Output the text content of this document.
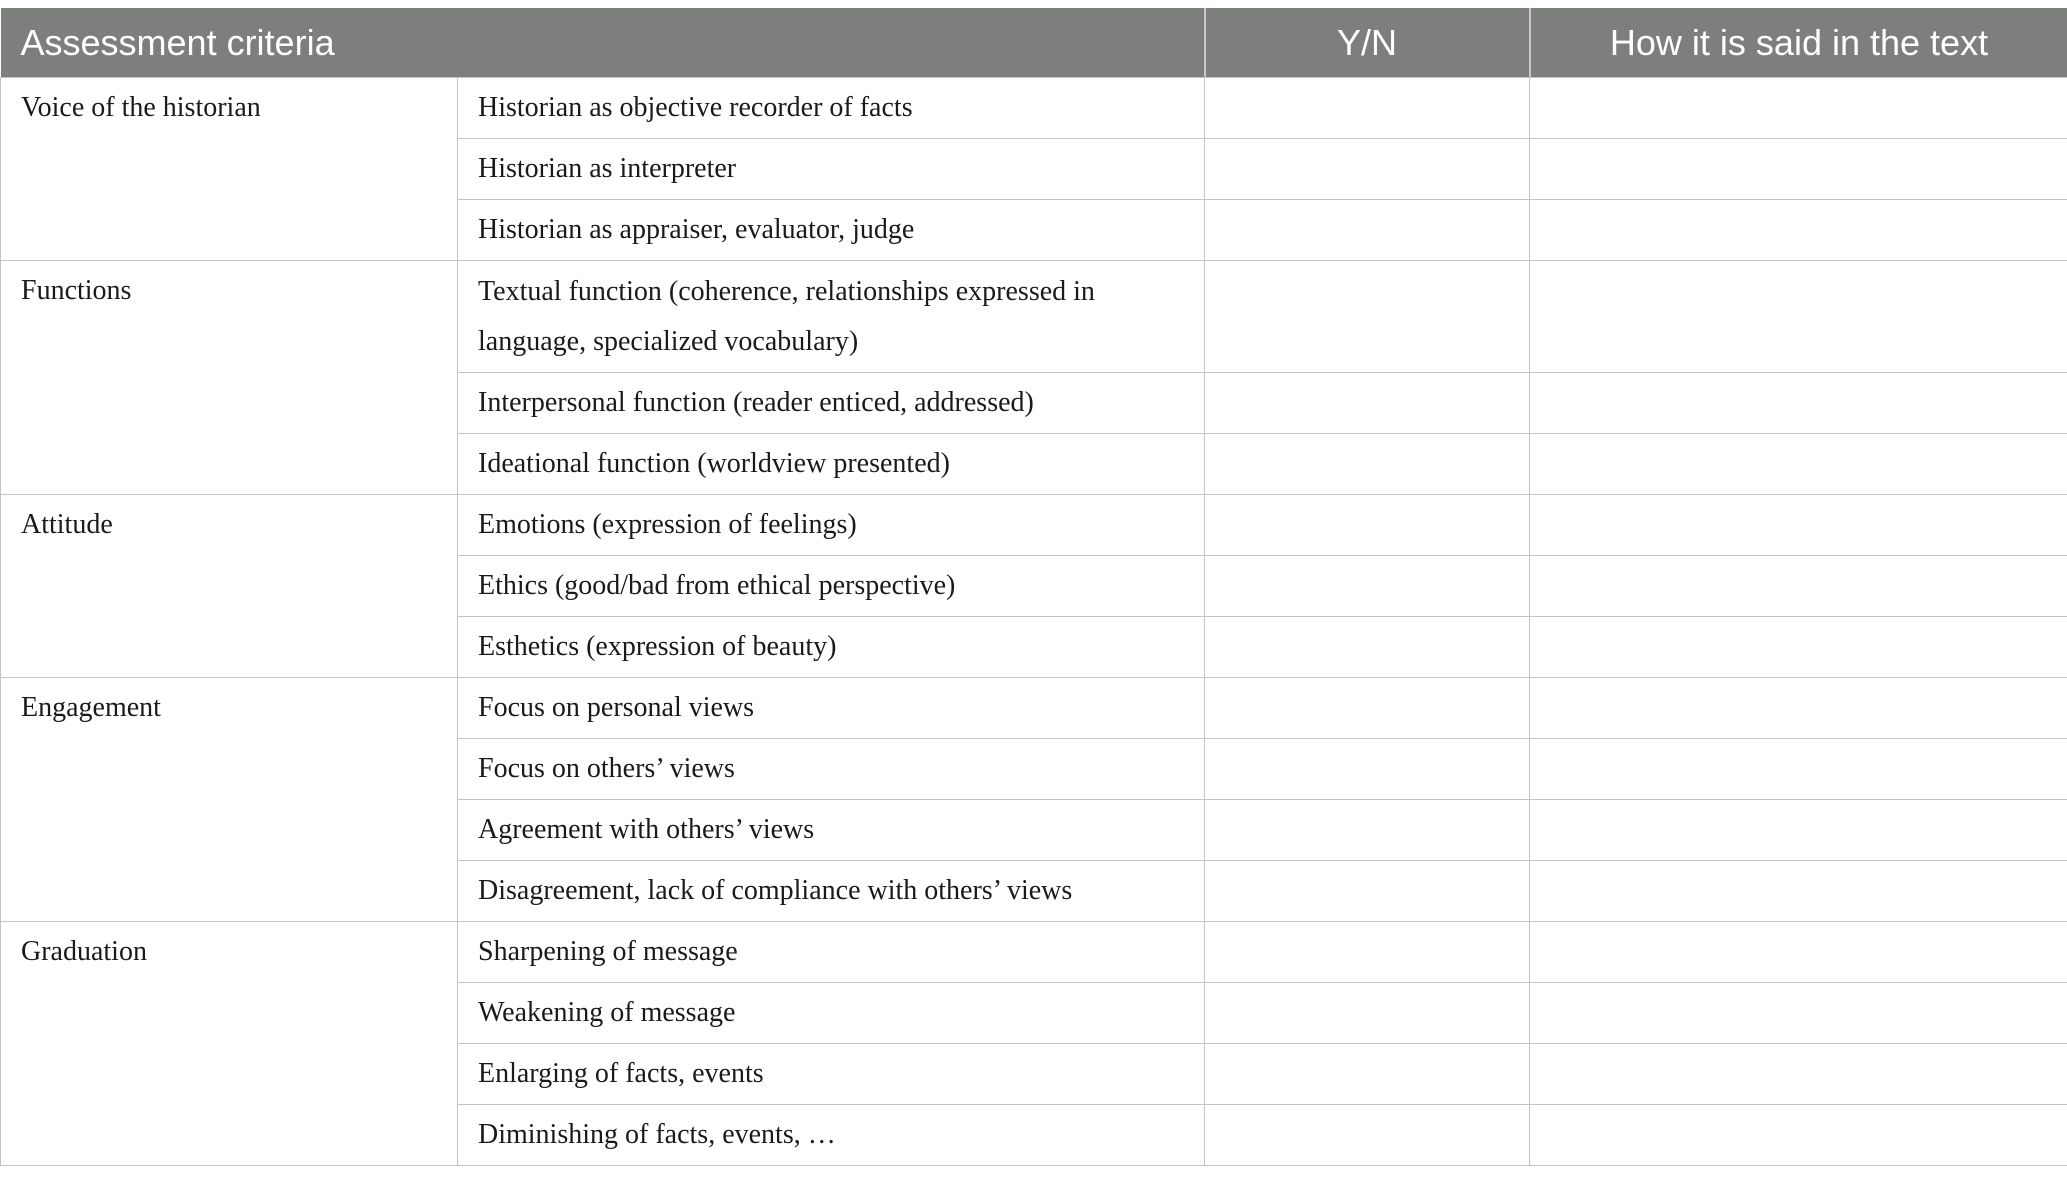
Assessment criteria		Y/N	How it is said in the text
Voice of the historian	Historian as objective recorder of facts		
	Historian as interpreter		
	Historian as appraiser, evaluator, judge		
Functions	Textual function (coherence, relationships expressed in language, specialized vocabulary)		
	Interpersonal function (reader enticed, addressed)		
	Ideational function (worldview presented)		
Attitude	Emotions (expression of feelings)		
	Ethics (good/bad from ethical perspective)		
	Esthetics (expression of beauty)		
Engagement	Focus on personal views		
	Focus on others’ views		
	Agreement with others’ views		
	Disagreement, lack of compliance with others’ views		
Graduation	Sharpening of message		
	Weakening of message		
	Enlarging of facts, events		
	Diminishing of facts, events, …		
